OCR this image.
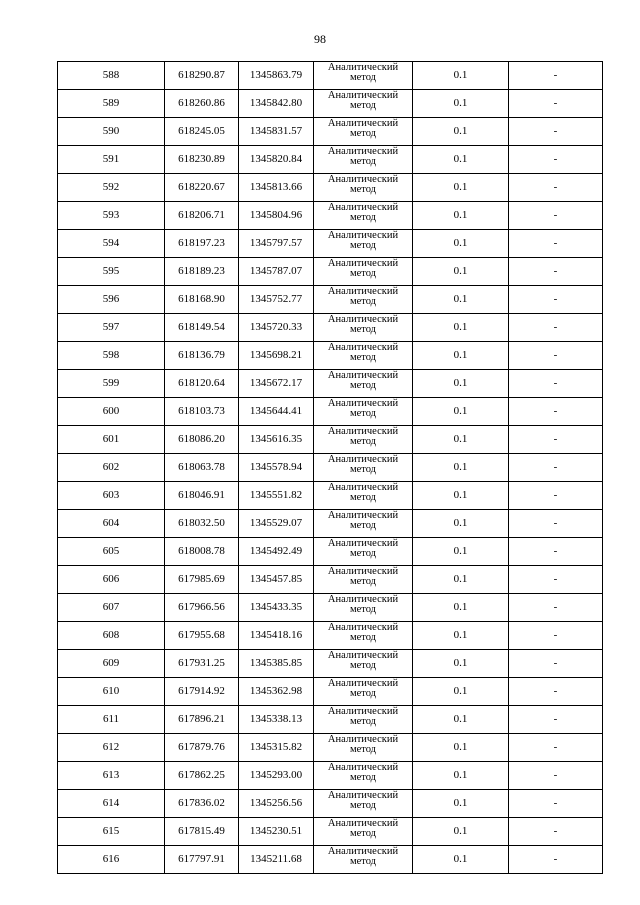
98
588	618290.87	1345863.79	Аналитический
метод	0.1	-
589	618260.86	1345842.80	Аналитический
метод	0.1	-
590	618245.05	1345831.57	Аналитический
метод	0.1	-
591	618230.89	1345820.84	Аналитический
метод	0.1	-
592	618220.67	1345813.66	Аналитический
метод	0.1	-
593	618206.71	1345804.96	Аналитический
метод	0.1	-
594	618197.23	1345797.57	Аналитический
метод	0.1	-
595	618189.23	1345787.07	Аналитический
метод	0.1	-
596	618168.90	1345752.77	Аналитический
метод	0.1	-
597	618149.54	1345720.33	Аналитический
метод	0.1	-
598	618136.79	1345698.21	Аналитический
метод	0.1	-
599	618120.64	1345672.17	Аналитический
метод	0.1	-
600	618103.73	1345644.41	Аналитический
метод	0.1	-
601	618086.20	1345616.35	Аналитический
метод	0.1	-
602	618063.78	1345578.94	Аналитический
метод	0.1	-
603	618046.91	1345551.82	Аналитический
метод	0.1	-
604	618032.50	1345529.07	Аналитический
метод	0.1	-
605	618008.78	1345492.49	Аналитический
метод	0.1	-
606	617985.69	1345457.85	Аналитический
метод	0.1	-
607	617966.56	1345433.35	Аналитический
метод	0.1	-
608	617955.68	1345418.16	Аналитический
метод	0.1	-
609	617931.25	1345385.85	Аналитический
метод	0.1	-
610	617914.92	1345362.98	Аналитический
метод	0.1	-
611	617896.21	1345338.13	Аналитический
метод	0.1	-
612	617879.76	1345315.82	Аналитический
метод	0.1	-
613	617862.25	1345293.00	Аналитический
метод	0.1	-
614	617836.02	1345256.56	Аналитический
метод	0.1	-
615	617815.49	1345230.51	Аналитический
метод	0.1	-
616	617797.91	1345211.68	Аналитический
метод	0.1	-
